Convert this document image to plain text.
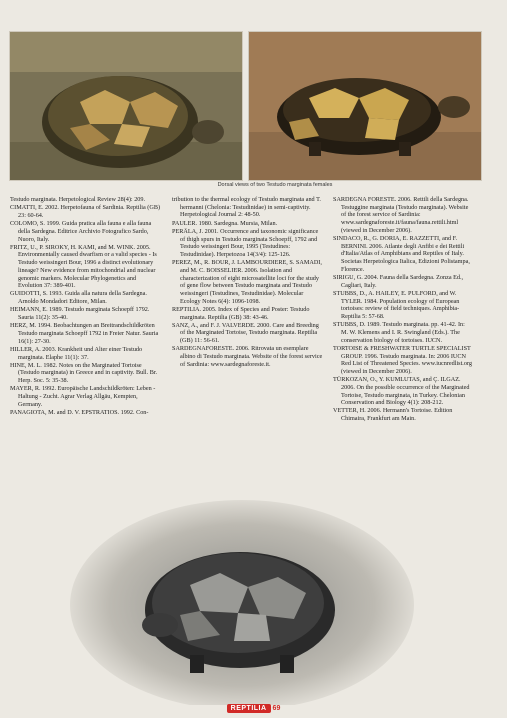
Dorsal views of two Testudo marginata females

Testudo marginata. Herpetological Review 28(4): 209.

CIMATTI, E. 2002. Herpetofauna of Sardinia. Reptilia (GB) 23: 60-64.

COLOMO, S. 1999. Guida pratica alla fauna e alla fauna della Sardegna. Editrice Archivio Fotografico Sardo, Nuoro, Italy.

FRITZ, U., P. SIROKY, H. KAMI, and M. WINK. 2005. Environmentally caused dwarfism or a valid species - Is Testudo weissingeri Bour, 1996 a distinct evolutionary lineage? New evidence from mitochondrial and nuclear genomic markers. Molecular Phylogenetics and Evolution 37: 389-401.

GUIDOTTI, S. 1993. Guida alla natura della Sardegna. Arnoldo Mondadori Editore, Milan.

HEIMANN, E. 1989. Testudo marginata Schoepff 1792. Sauria 11(2): 35-40.

HERZ, M. 1994. Beobachtungen an Breitrandschildkröten Testudo marginata Schoepff 1792 in Freier Natur. Sauria 16(1): 27-30.

HILLER, A. 2003. Krankheit und Alter einer Testudo marginata. Elaphe 11(1): 37.

HINE, M. L. 1982. Notes on the Marginated Tortoise (Testudo marginata) in Greece and in captivity. Bull. Br. Herp. Soc. 5: 35-38.

MAYER, R. 1992. Europäische Landschildkröten: Leben - Haltung - Zucht. Agrar Verlag Allgäu, Kempten, Germany.

PANAGIOTA, M. and D. V. EPSTRATIOS. 1992. Con-

tribution to the thermal ecology of Testudo marginata and T. hermanni (Chelonia: Testudinidae) in semi-captivity. Herpetological Journal 2: 48-50.

PAULER. 1980. Sardegna. Mursia, Milan.

PERÄLA, J. 2001. Occurrence and taxonomic significance of thigh spurs in Testudo marginata Schoepff, 1792 and Testudo weissingeri Bour, 1995 (Testudines: Testudinidae). Herpetozoa 14(3/4): 125-126.

PEREZ, M., R. BOUR, J. LAMBOURDIERE, S. SAMADI, and M. C. BOISSELIER. 2006. Isolation and characterization of eight microsatellite loci for the study of gene flow between Testudo marginata and Testudo weissingeri (Testudines, Testudinidae). Molecular Ecology Notes 6(4): 1096-1098.

REPTILIA. 2005. Index of Species and Poster: Testudo marginata. Reptilia (GB) 38: 43-46.

SANZ, A., and F. J. VALVERDE. 2000. Care and Breeding of the Marginated Tortoise, Testudo marginata. Reptilia (GB) 11: 56-61.

SARDEGNAFORESTE. 2006. Ritrovata un esemplare albino di Testudo marginata. Website of the forest service of Sardinia: www.sardegnaforeste.it.

SARDEGNA FORESTE. 2006. Rettili della Sardegna. Testuggine marginata (Testudo marginata). Website of the forest service of Sardinia: www.sardegnaforeste.it/fauna/fauna.rettili.html (viewed in December 2006).

SINDACO, R., G. DORIA, E. RAZZETTI, and F. BERNINI. 2006. Atlante degli Anfibi e dei Rettili d'Italia/Atlas of Amphibians and Reptiles of Italy. Societas Herpetologica Italica, Edizioni Polistampa, Florence.

SIRIGU, G. 2004. Fauna della Sardegna. Zonza Ed., Cagliari, Italy.

STUBBS, D., A. HAILEY, E. PULFORD, and W. TYLER. 1984. Population ecology of European tortoises: review of field techniques. Amphibia-Reptilia 5: 57-68.

STUBBS, D. 1989. Testudo marginata. pp. 41-42. In: M. W. Klemens and I. R. Swingland (Eds.). The conservation biology of tortoises. IUCN.

TORTOISE & FRESHWATER TURTLE SPECIALIST GROUP. 1996. Testudo marginata. In: 2006 IUCN Red List of Threatened Species. www.iucnredlist.org (viewed in December 2006).

TÜRKOZAN, O., Y. KUMLUTAS, and Ç. ILGAZ. 2006. On the possible occurrence of the Marginated Tortoise, Testudo marginata, in Turkey. Chelonian Conservation and Biology 4(1): 208-212.

VETTER, H. 2006. Hermann's Tortoise. Edition Chimaira, Frankfurt am Main.

REPTILIA 69
